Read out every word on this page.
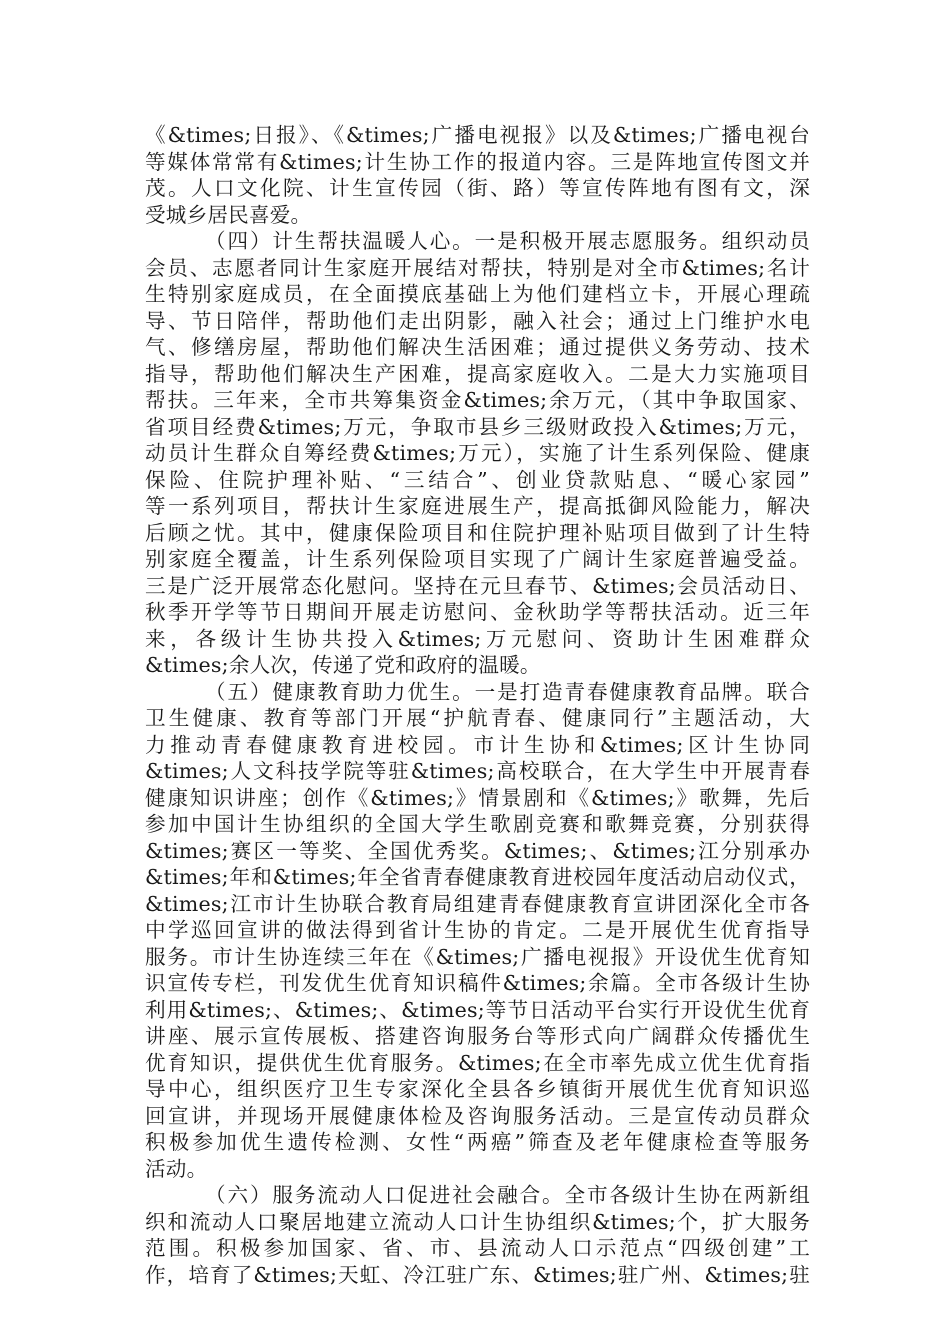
《&times;日报》、《&times;广播电视报》以及&times;广播电视台
等媒体常常有&times;计生协工作的报道内容。三是阵地宣传图文并
茂。人口文化院、计生宣传园（街、路）等宣传阵地有图有文，深
受城乡居民喜爱。
（四）计生帮扶温暖人心。一是积极开展志愿服务。组织动员
会员、志愿者同计生家庭开展结对帮扶，特别是对全市&times;名计
生特别家庭成员，在全面摸底基础上为他们建档立卡，开展心理疏
导、节日陪伴，帮助他们走出阴影，融入社会；通过上门维护水电
气、修缮房屋，帮助他们解决生活困难；通过提供义务劳动、技术
指导，帮助他们解决生产困难，提高家庭收入。二是大力实施项目
帮扶。三年来，全市共筹集资金&times;余万元，（其中争取国家、
省项目经费&times;万元，争取市县乡三级财政投入&times;万元，
动员计生群众自筹经费&times;万元），实施了计生系列保险、健康
保险、住院护理补贴、“三结合”、创业贷款贴息、“暖心家园”
等一系列项目，帮扶计生家庭进展生产，提高抵御风险能力，解决
后顾之忧。其中，健康保险项目和住院护理补贴项目做到了计生特
别家庭全覆盖，计生系列保险项目实现了广阔计生家庭普遍受益。
三是广泛开展常态化慰问。坚持在元旦春节、&times;会员活动日、
秋季开学等节日期间开展走访慰问、金秋助学等帮扶活动。近三年
来，各级计生协共投入&times;万元慰问、资助计生困难群众
&times;余人次，传递了党和政府的温暖。
（五）健康教育助力优生。一是打造青春健康教育品牌。联合
卫生健康、教育等部门开展“护航青春、健康同行”主题活动，大
力推动青春健康教育进校园。市计生协和&times;区计生协同
&times;人文科技学院等驻&times;高校联合，在大学生中开展青春
健康知识讲座；创作《&times;》情景剧和《&times;》歌舞，先后
参加中国计生协组织的全国大学生歌剧竞赛和歌舞竞赛，分别获得
&times;赛区一等奖、全国优秀奖。&times;、&times;江分别承办
&times;年和&times;年全省青春健康教育进校园年度活动启动仪式，
&times;江市计生协联合教育局组建青春健康教育宣讲团深化全市各
中学巡回宣讲的做法得到省计生协的肯定。二是开展优生优育指导
服务。市计生协连续三年在《&times;广播电视报》开设优生优育知
识宣传专栏，刊发优生优育知识稿件&times;余篇。全市各级计生协
利用&times;、&times;、&times;等节日活动平台实行开设优生优育
讲座、展示宣传展板、搭建咨询服务台等形式向广阔群众传播优生
优育知识，提供优生优育服务。&times;在全市率先成立优生优育指
导中心，组织医疗卫生专家深化全县各乡镇街开展优生优育知识巡
回宣讲，并现场开展健康体检及咨询服务活动。三是宣传动员群众
积极参加优生遗传检测、女性“两癌”筛查及老年健康检查等服务
活动。
（六）服务流动人口促进社会融合。全市各级计生协在两新组
织和流动人口聚居地建立流动人口计生协组织&times;个，扩大服务
范围。积极参加国家、省、市、县流动人口示范点“四级创建”工
作，培育了&times;天虹、冷江驻广东、&times;驻广州、&times;驻
